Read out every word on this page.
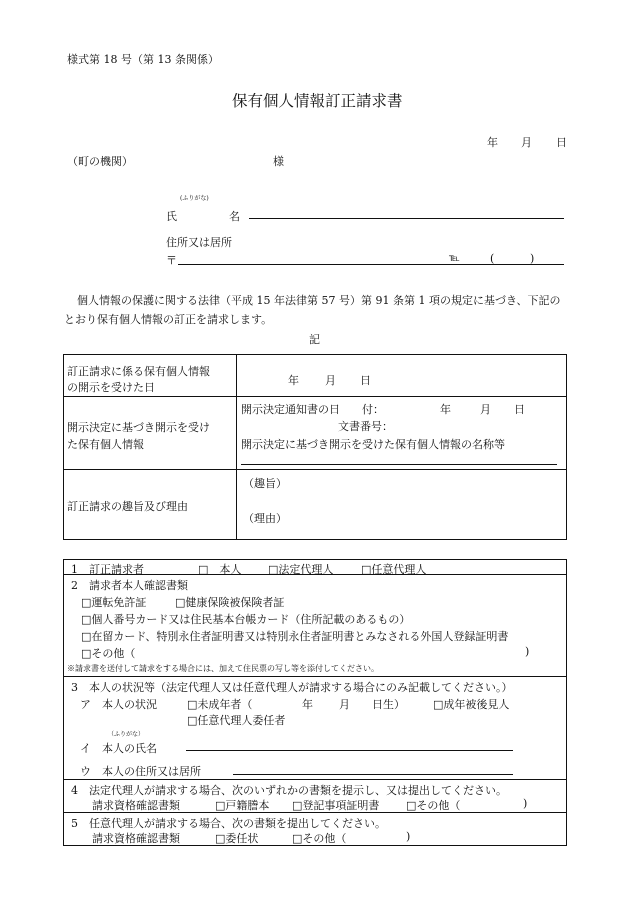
様式第 18 号（第 13 条関係）
保有個人情報訂正請求書
年 月 日
（町の機関）	様
(ふりがな)
氏	名
住所又は居所
〒	℡	(	)
個人情報の保護に関する法律（平成 15 年法律第 57 号）第 91 条第 1 項の規定に基づき、下記の
とおり保有個人情報の訂正を請求します。
記
訂正請求に係る保有個人情報
の開示を受けた日
年 月 日
開示決定に基づき開示を受け
た保有個人情報
開示決定通知書の日　　付：	年	月 日
文書番号：
開示決定に基づき開示を受けた保有個人情報の名称等
訂正請求の趣旨及び理由
（趣旨）
（理由）
1　訂正請求者	□　本人 □法定代理人	□任意代理人
2　請求者本人確認書類
□運転免許証	□健康保険被保険者証
□個人番号カード又は住民基本台帳カード（住所記載のあるもの）
□在留カード、特別永住者証明書又は特別永住者証明書とみなされる外国人登録証明書
□その他（	)
※請求書を送付して請求をする場合には、加えて住民票の写し等を添付してください。
3　本人の状況等（法定代理人又は任意代理人が請求する場合にのみ記載してください。）
ア　本人の状況	□未成年者（	年 月 日生）	□成年被後見人
□任意代理人委任者
（ふりがな）
イ　本人の氏名
ウ　本人の住所又は居所
4　法定代理人が請求する場合、次のいずれかの書類を提示し、又は提出してください。
請求資格確認書類	□戸籍謄本 □登記事項証明書 □その他（	)
5　任意代理人が請求する場合、次の書類を提出してください。
請求資格確認書類	□委任状	□その他（	)
